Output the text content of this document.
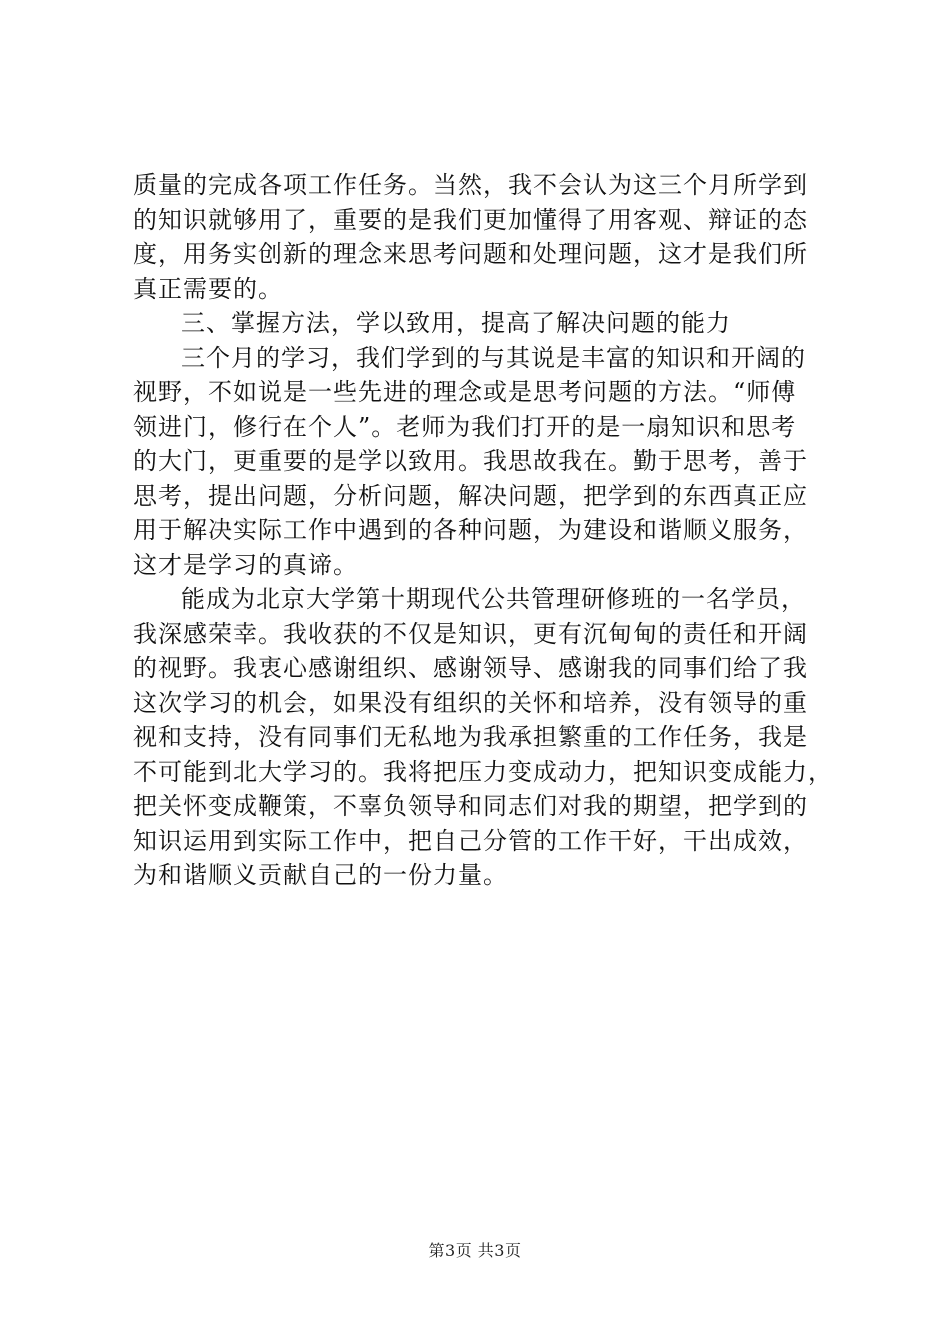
质量的完成各项工作任务。当然，我不会认为这三个月所学到
的知识就够用了，重要的是我们更加懂得了用客观、辩证的态
度，用务实创新的理念来思考问题和处理问题，这才是我们所
真正需要的。
三、掌握方法，学以致用，提高了解决问题的能力
三个月的学习，我们学到的与其说是丰富的知识和开阔的
视野，不如说是一些先进的理念或是思考问题的方法。“师傅
领进门，修行在个人”。老师为我们打开的是一扇知识和思考
的大门，更重要的是学以致用。我思故我在。勤于思考，善于
思考，提出问题，分析问题，解决问题，把学到的东西真正应
用于解决实际工作中遇到的各种问题，为建设和谐顺义服务，
这才是学习的真谛。
能成为北京大学第十期现代公共管理研修班的一名学员，
我深感荣幸。我收获的不仅是知识，更有沉甸甸的责任和开阔
的视野。我衷心感谢组织、感谢领导、感谢我的同事们给了我
这次学习的机会，如果没有组织的关怀和培养，没有领导的重
视和支持，没有同事们无私地为我承担繁重的工作任务，我是
不可能到北大学习的。我将把压力变成动力，把知识变成能力，
把关怀变成鞭策，不辜负领导和同志们对我的期望，把学到的
知识运用到实际工作中，把自己分管的工作干好，干出成效，
为和谐顺义贡献自己的一份力量。
第3页 共3页
